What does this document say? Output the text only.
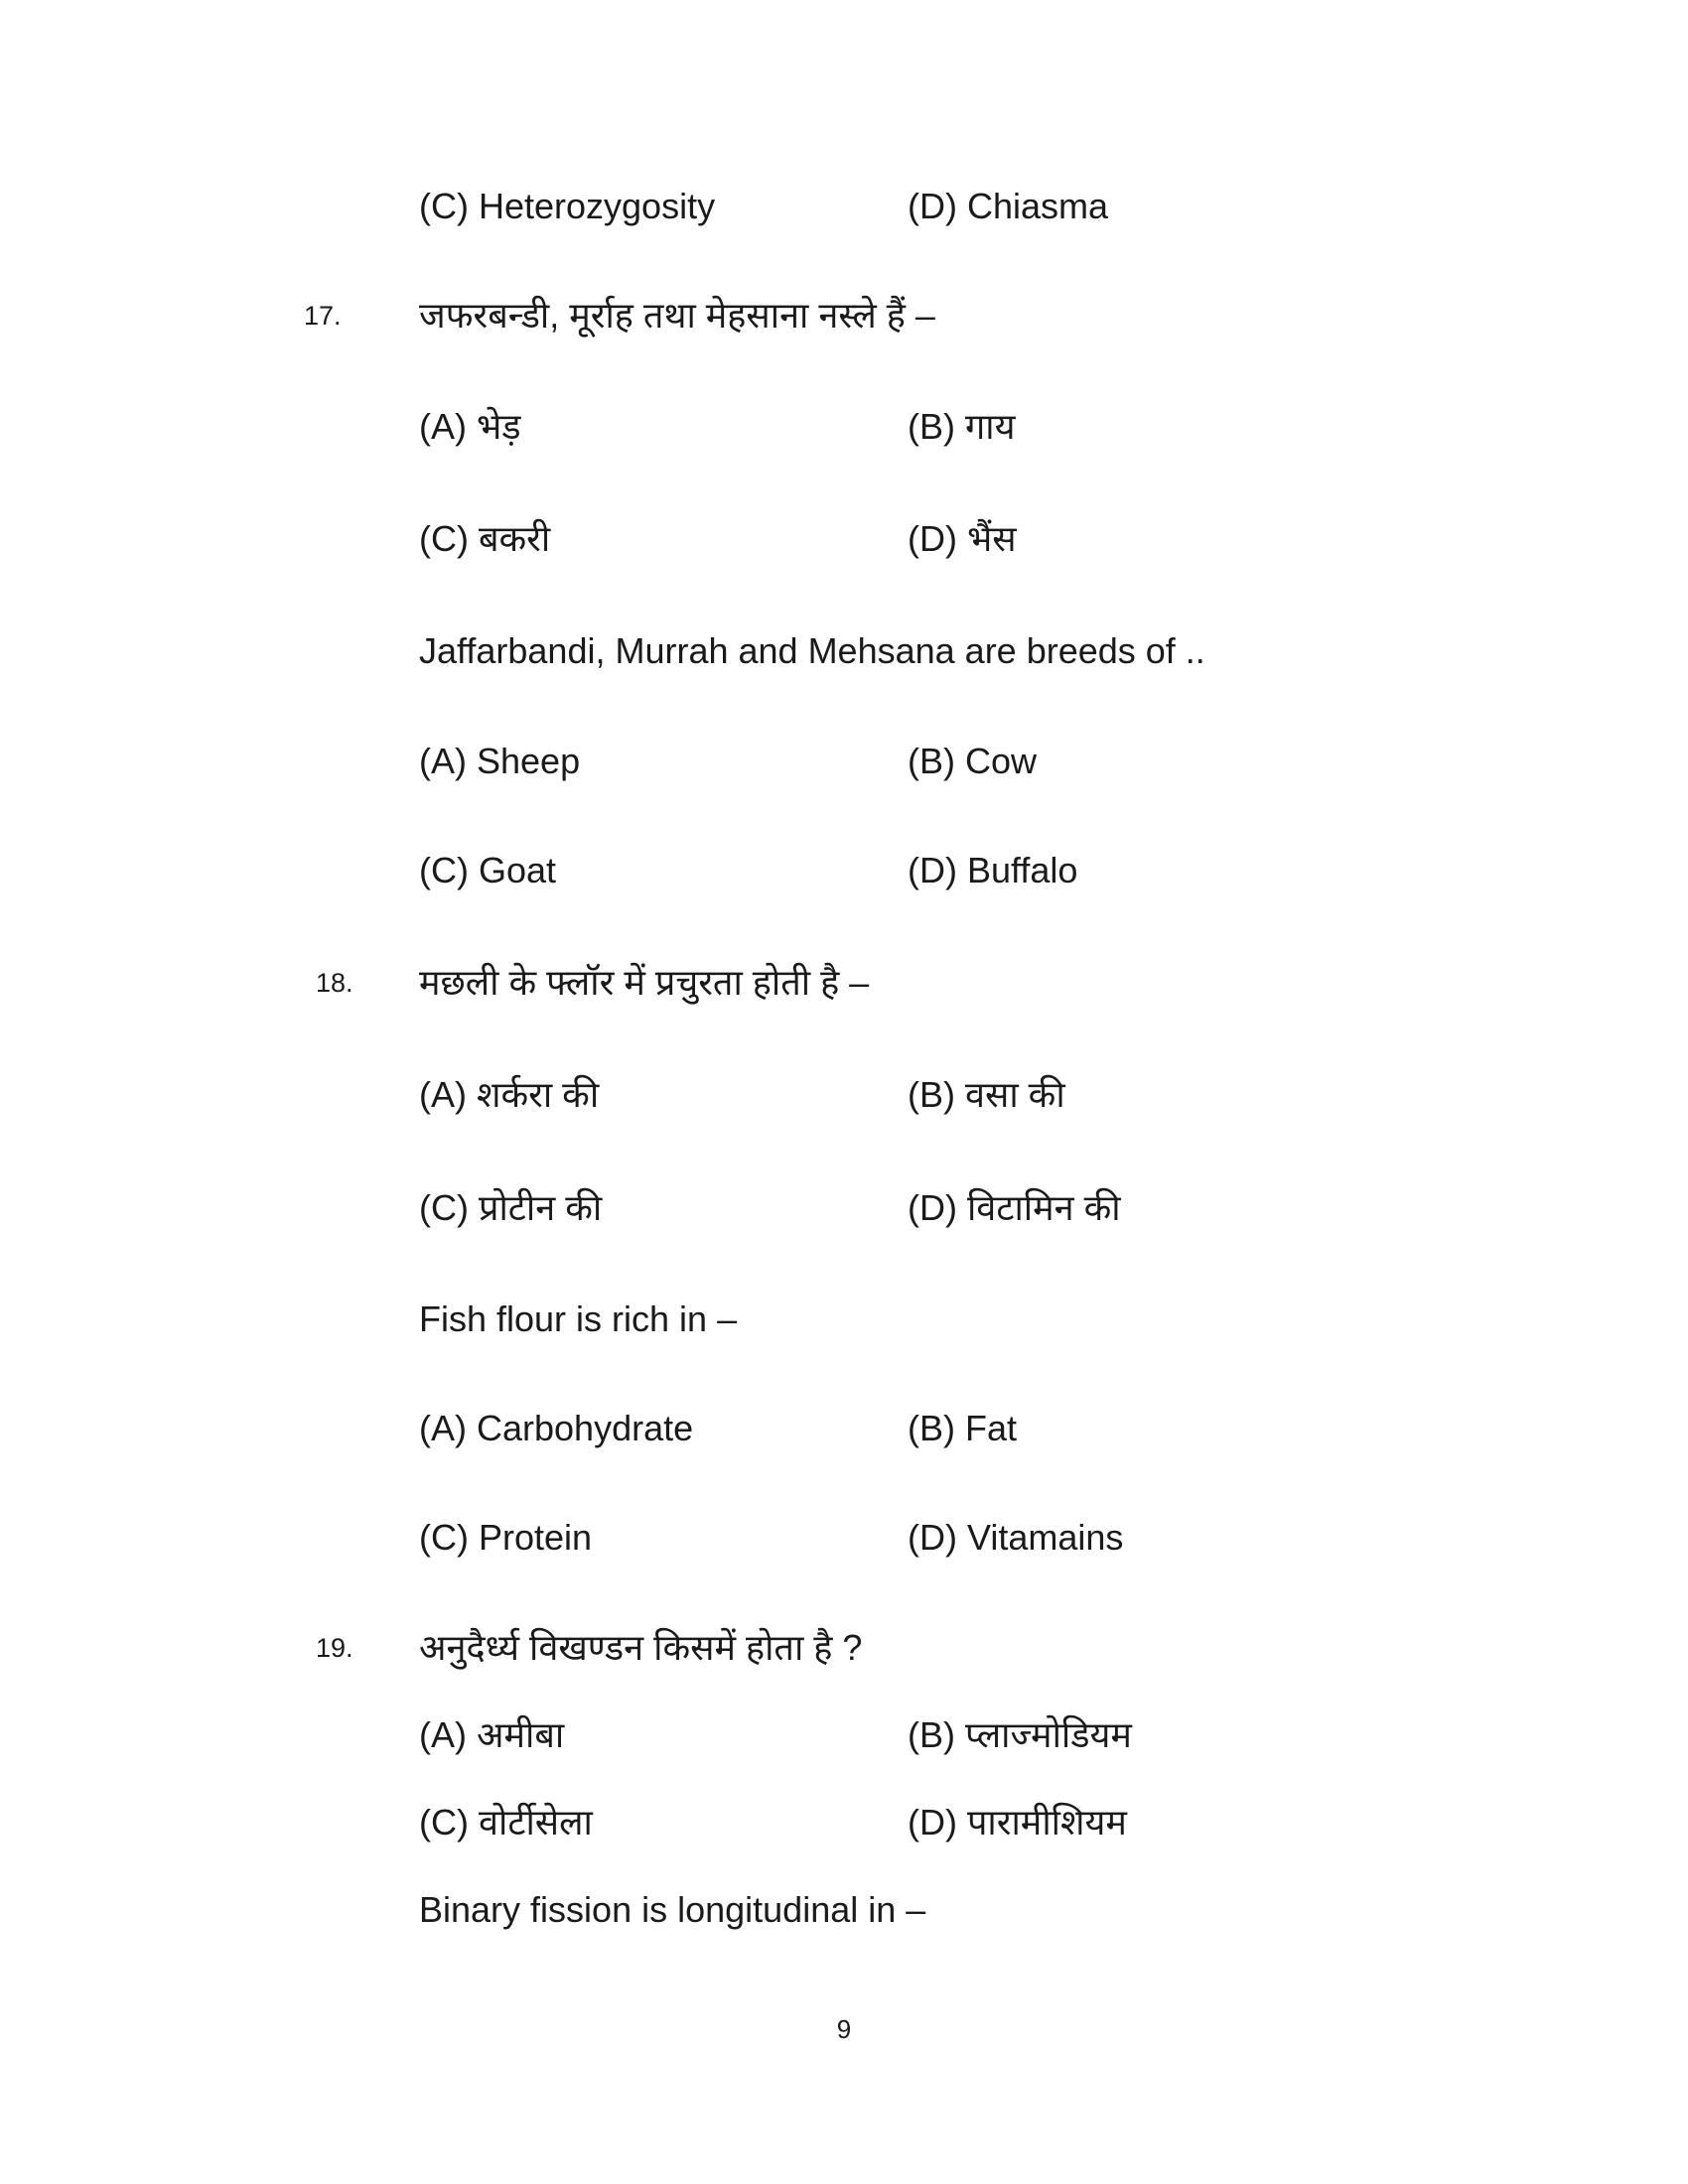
(C) Heterozygosity	(D) Chiasma
17. जफरबन्डी, मूर्राह तथा मेहसाना नस्ले हैं –
(A) भेड़	(B) गाय
(C) बकरी	(D) भैंस
Jaffarbandi, Murrah and Mehsana are breeds of ..
(A) Sheep	(B) Cow
(C) Goat	(D) Buffalo
18. मछली के फ्लॉर में प्रचुरता होती है –
(A) शर्करा की	(B) वसा की
(C) प्रोटीन की	(D) विटामिन की
Fish flour is rich in –
(A) Carbohydrate	(B) Fat
(C) Protein	(D) Vitamains
19. अनुदैर्ध्य विखण्डन किसमें होता है ?
(A) अमीबा	(B) प्लाज्मोडियम
(C) वोर्टीसेला	(D) पारामीशियम
Binary fission is longitudinal in –
9
